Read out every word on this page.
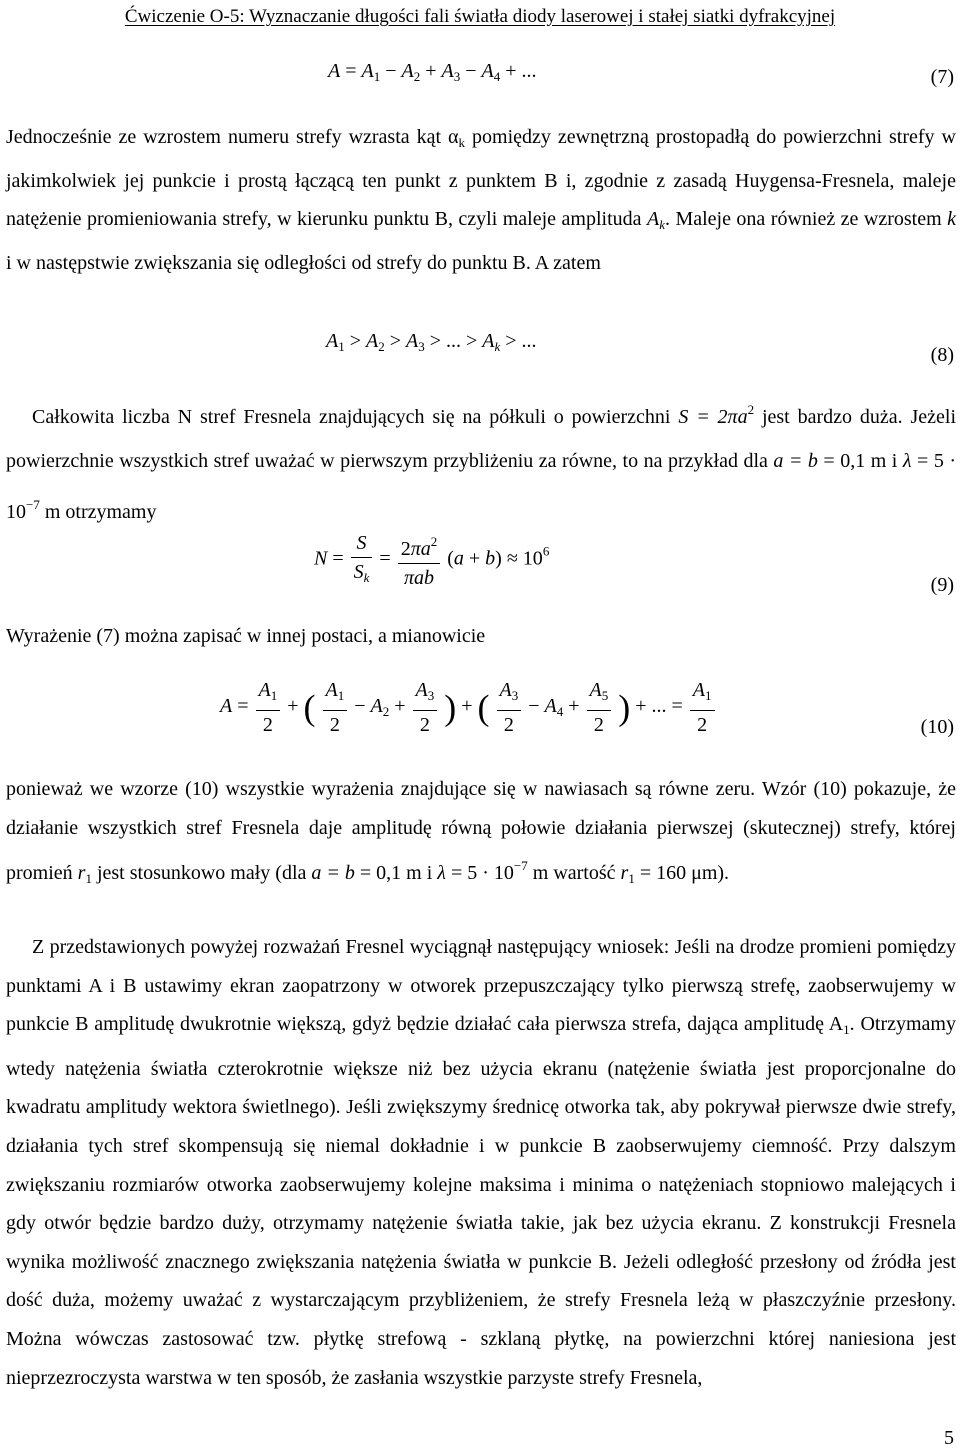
Ćwiczenie O-5: Wyznaczanie długości fali światła diody laserowej i stałej siatki dyfrakcyjnej
$A = A_1 - A_2 + A_3 - A_4$ + ...	(7)
Jednocześnie ze wzrostem numeru strefy wzrasta kąt $\alpha_k$ pomiędzy zewnętrzną prostopadłą do powierzchni strefy w jakimkolwiek jej punkcie i prostą łączącą ten punkt z punktem B i, zgodnie z zasadą Huygensa-Fresnela, maleje natężenie promieniowania strefy, w kierunku punktu B, czyli maleje amplituda $A_k$. Maleje ona również ze wzrostem k i w następstwie zwiększania się odległości od strefy do punktu B. A zatem
$A_1 > A_2 > A_3$ > ... > $A_k$ > ...
(8)
Całkowita liczba N stref Fresnela znajdujących się na półkuli o powierzchni $S = 2\pi a^2$ jest bardzo duża. Jeżeli powierzchnie wszystkich stref uważać w pierwszym przybliżeniu za równe, to na przykład dla a = b = 0,1 m i $\lambda = 5 \cdot 10^{-7}$ m otrzymamy
$N = \frac{S}{S_k} = \frac{2\pi a^2}{\text{πab}} (a + b) \approx 10^6$
(9)
Wyrażenie (7) można zapisać w innej postaci, a mianowicie
$A = \frac{A_1}{2}$ + ( $\frac{A_1}{2} - A_2 + \frac{A_3}{2}$ ) + ( $\frac{A_3}{2} - A_4 + \frac{A_5}{2}$ ) + ... = $\frac{A_1}{2}$	(10)
ponieważ we wzorze (10) wszystkie wyrażenia znajdujące się w nawiasach są równe zeru. Wzór (10) pokazuje, że działanie wszystkich stref Fresnela daje amplitudę równą połowie działania pierwszej (skutecznej) strefy, której promień $r_1$ jest stosunkowo mały (dla a = b = 0,1 m i $\lambda = 5 \cdot 10^{-7}$ m wartość $r_1 = 160$ μm).
Z przedstawionych powyżej rozważań Fresnel wyciągnął następujący wniosek: Jeśli na drodze promieni pomiędzy punktami A i B ustawimy ekran zaopatrzony w otworek przepuszczający tylko pierwszą strefę, zaobserwujemy w punkcie B amplitudę dwukrotnie większą, gdyż będzie działać cała pierwsza strefa, dająca amplitudę $A_1$. Otrzymamy wtedy natężenia światła czterokrotnie większe niż bez użycia ekranu (natężenie światła jest proporcjonalne do kwadratu amplitudy wektora świetlnego). Jeśli zwiększymy średnicę otworka tak, aby pokrywał pierwsze dwie strefy, działania tych stref skompensują się niemal dokładnie i w punkcie B zaobserwujemy ciemność. Przy dalszym zwiększaniu rozmiarów otworka zaobserwujemy kolejne maksima i minima o natężeniach stopniowo malejących i gdy otwór będzie bardzo duży, otrzymamy natężenie światła takie, jak bez użycia ekranu. Z konstrukcji Fresnela wynika możliwość znacznego zwiększania natężenia światła w punkcie B. Jeżeli odległość przesłony od źródła jest dość duża, możemy uważać z wystarczającym przybliżeniem, że strefy Fresnela leżą w płaszczyźnie przesłony. Można wówczas zastosować tzw. płytkę strefową - szklaną płytkę, na powierzchni której naniesiona jest nieprzezroczysta warstwa w ten sposób, że zasłania wszystkie parzyste strefy Fresnela,
5
